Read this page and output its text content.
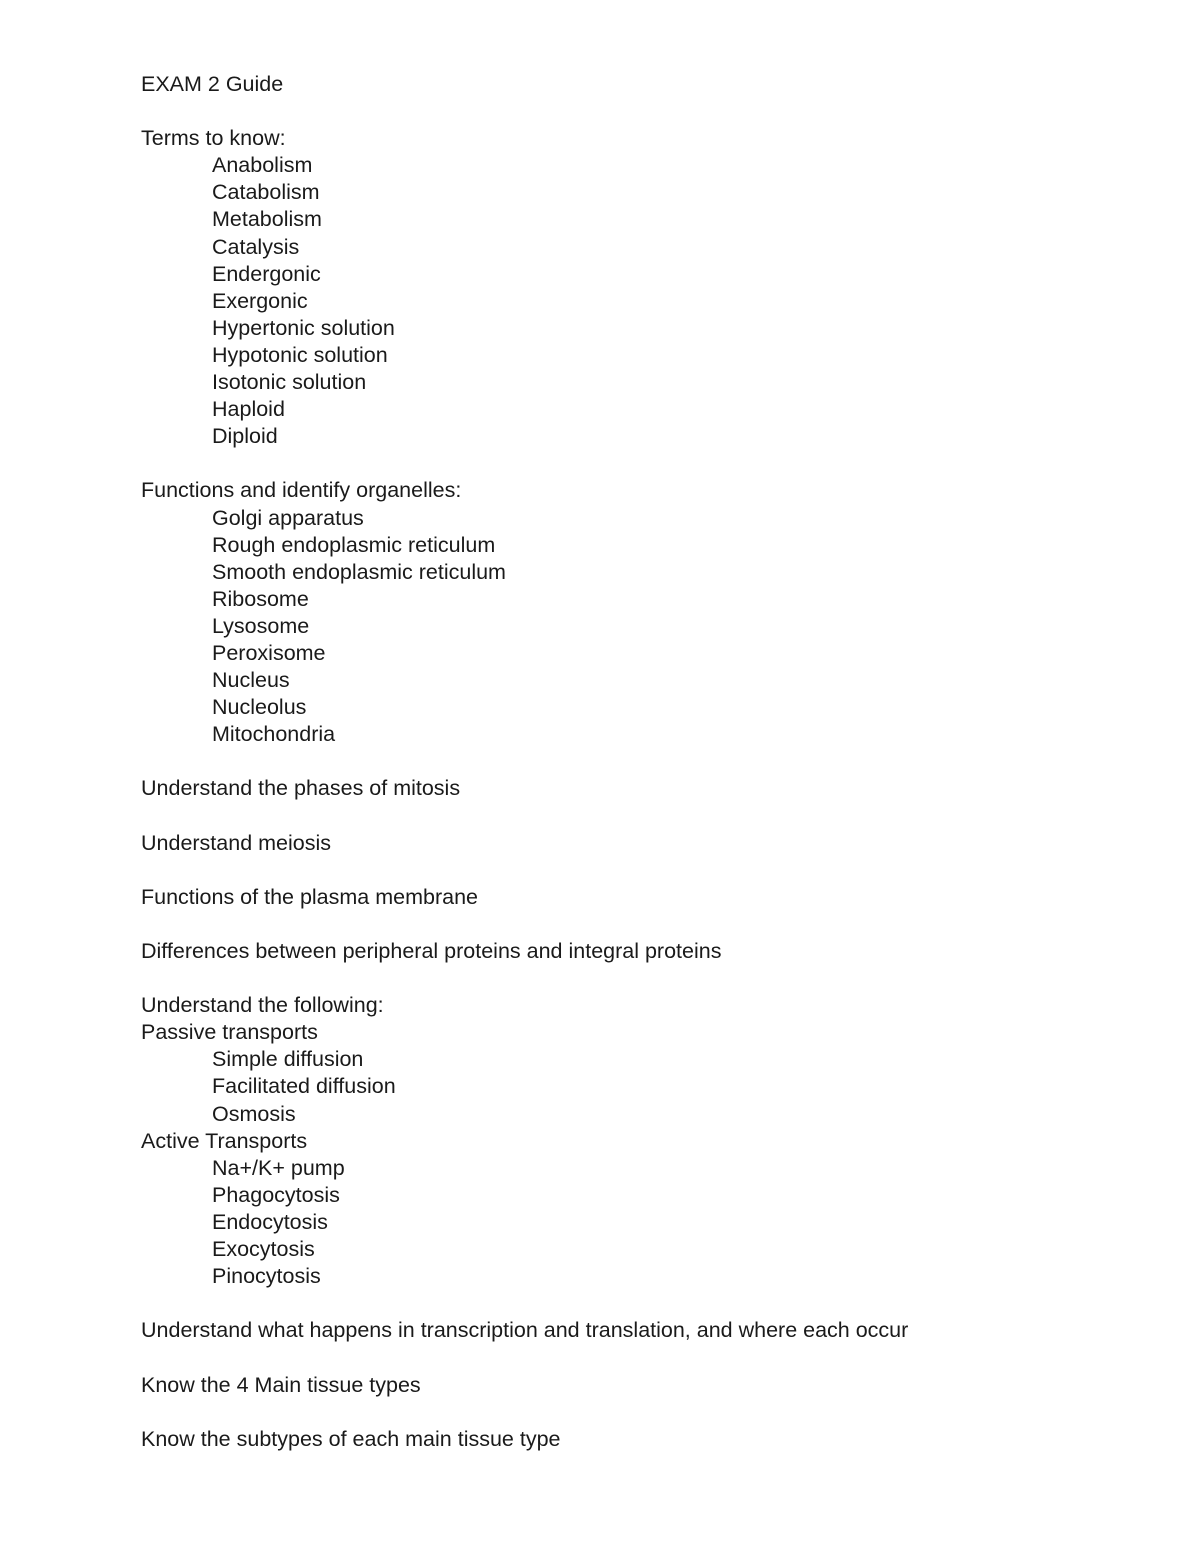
EXAM 2 Guide
Terms to know:
Anabolism
Catabolism
Metabolism
Catalysis
Endergonic
Exergonic
Hypertonic solution
Hypotonic solution
Isotonic solution
Haploid
Diploid
Functions and identify organelles:
Golgi apparatus
Rough endoplasmic reticulum
Smooth endoplasmic reticulum
Ribosome
Lysosome
Peroxisome
Nucleus
Nucleolus
Mitochondria
Understand the phases of mitosis
Understand meiosis
Functions of the plasma membrane
Differences between peripheral proteins and integral proteins
Understand the following:
Passive transports
Simple diffusion
Facilitated diffusion
Osmosis
Active Transports
Na+/K+ pump
Phagocytosis
Endocytosis
Exocytosis
Pinocytosis
Understand what happens in transcription and translation, and where each occur
Know the 4 Main tissue types
Know the subtypes of each main tissue type
